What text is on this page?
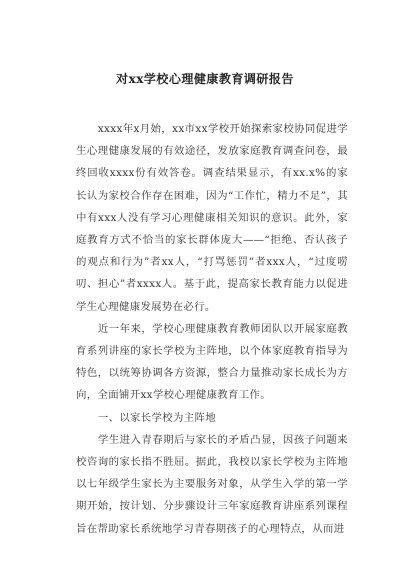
对xx学校心理健康教育调研报告

xxxx年x月始，xx市xx学校开始探索家校协同促进学生心理健康发展的有效途径，发放家庭教育调查问卷，最终回收xxxx份有效答卷。调查结果显示，有xx.x%的家长认为家校合作存在困难，因为“工作忙，精力不足”，其中有xxx人没有学习心理健康相关知识的意识。此外，家庭教育方式不恰当的家长群体庞大——“拒绝、否认孩子的观点和行为”者xx人，“打骂惩罚”者xxx人，“过度唠叨、担心”者xxxx人。基于此，提高家长教育能力以促进学生心理健康发展势在必行。

近一年来，学校心理健康教育教师团队以开展家庭教育系列讲座的家长学校为主阵地，以个体家庭教育指导为特色，以统筹协调各方资源，整合力量推动家长成长为方向，全面铺开xx学校心理健康教育工作。

一、以家长学校为主阵地

学生进入青春期后与家长的矛盾凸显，因孩子问题来校咨询的家长指不胜屈。据此，我校以家长学校为主阵地以七年级学生家长为主要服务对象，从学生入学的第一学期开始，按计划、分步骤设计三年家庭教育讲座系列课程旨在帮助家长系统地学习青春期孩子的心理特点，从而进
